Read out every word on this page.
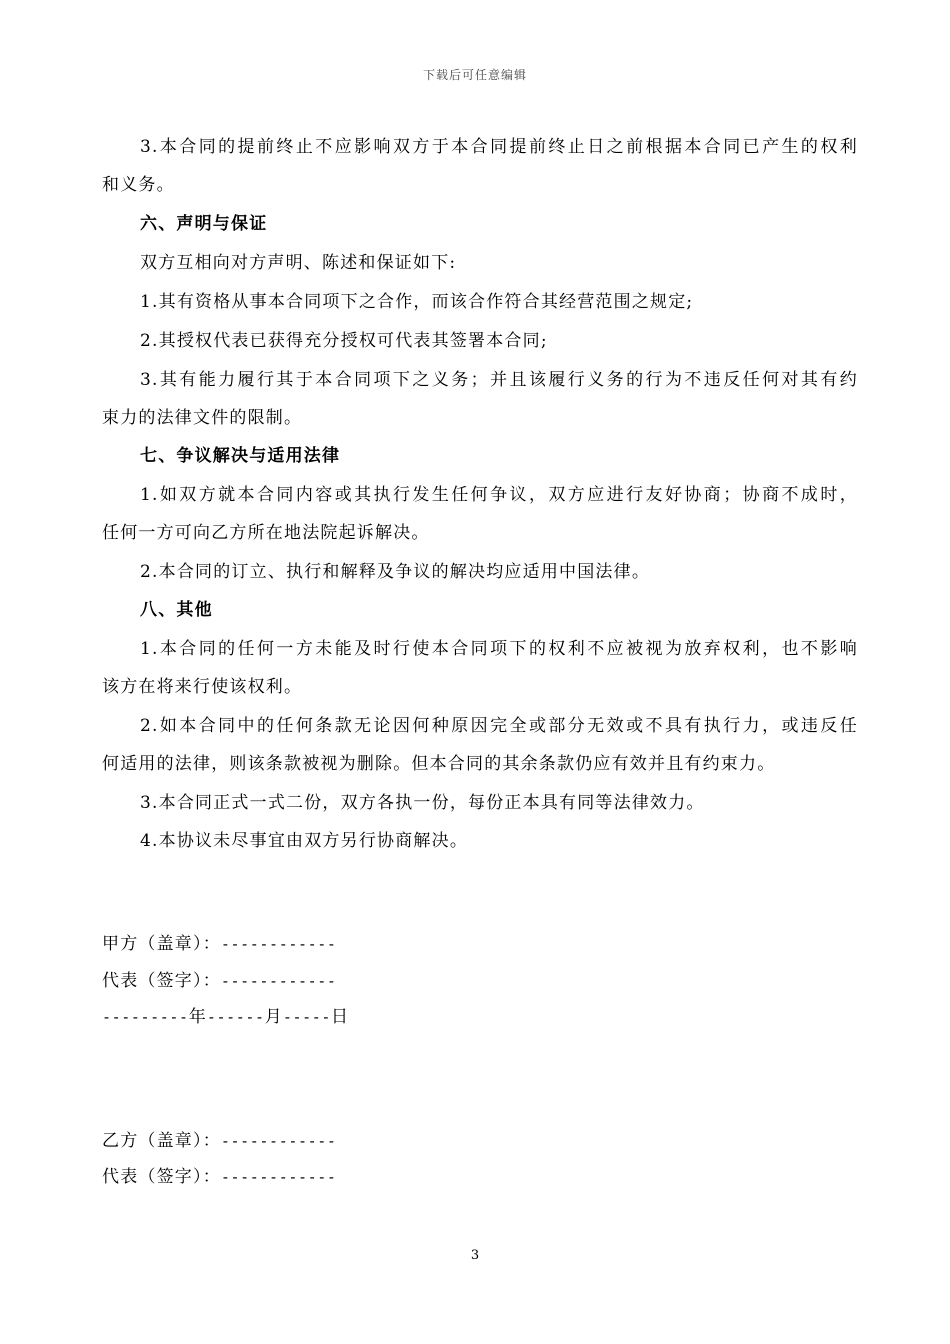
下载后可任意编辑
3.本合同的提前终止不应影响双方于本合同提前终止日之前根据本合同已产生的权利
和义务。
六、声明与保证
双方互相向对方声明、陈述和保证如下:
1.其有资格从事本合同项下之合作，而该合作符合其经营范围之规定;
2.其授权代表已获得充分授权可代表其签署本合同;
3.其有能力履行其于本合同项下之义务；并且该履行义务的行为不违反任何对其有约
束力的法律文件的限制。
七、争议解决与适用法律
1.如双方就本合同内容或其执行发生任何争议，双方应进行友好协商；协商不成时，
任何一方可向乙方所在地法院起诉解决。
2.本合同的订立、执行和解释及争议的解决均应适用中国法律。
八、其他
1.本合同的任何一方未能及时行使本合同项下的权利不应被视为放弃权利，也不影响
该方在将来行使该权利。
2.如本合同中的任何条款无论因何种原因完全或部分无效或不具有执行力，或违反任
何适用的法律，则该条款被视为删除。但本合同的其余条款仍应有效并且有约束力。
3.本合同正式一式二份，双方各执一份，每份正本具有同等法律效力。
4.本协议未尽事宜由双方另行协商解决。
甲方（盖章）：------------
代表（签字）：------------
---------年------月-----日
乙方（盖章）：------------
代表（签字）：------------
3
